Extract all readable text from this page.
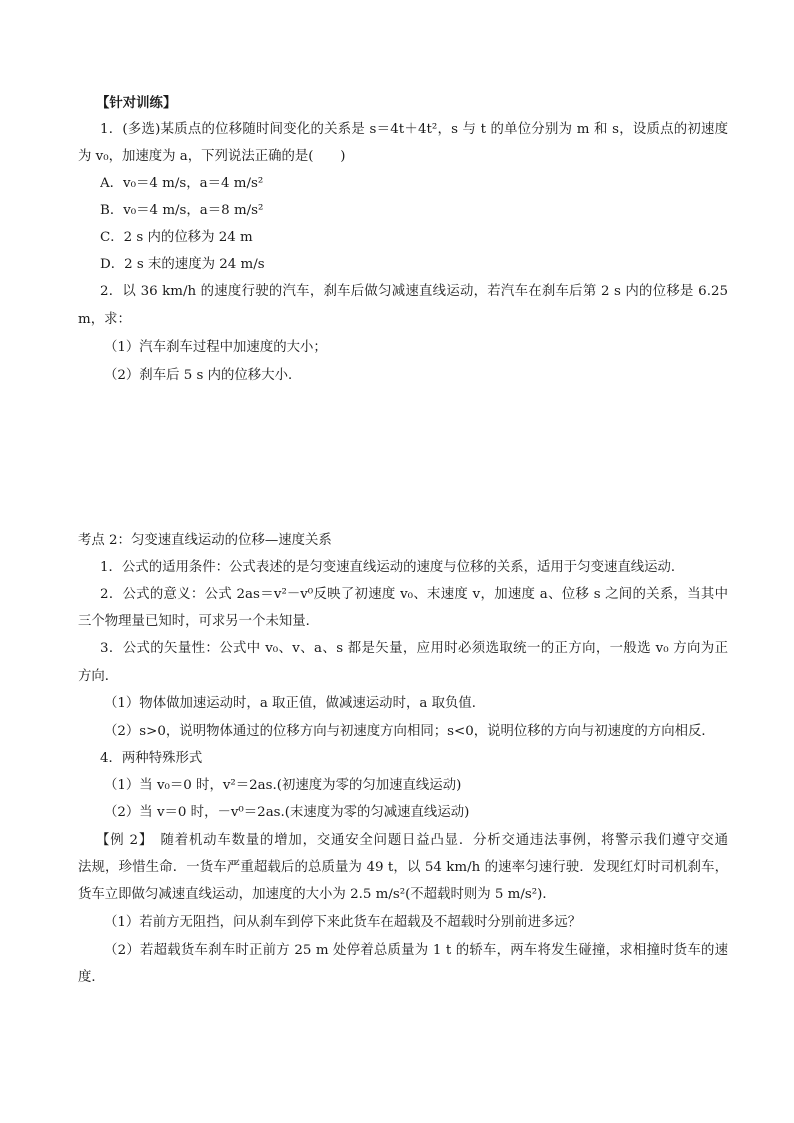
【针对训练】
1．(多选)某质点的位移随时间变化的关系是 s＝4t＋4t²，s 与 t 的单位分别为 m 和 s，设质点的初速度
为 v₀，加速度为 a，下列说法正确的是(　　)
A．v₀＝4 m/s，a＝4 m/s²
B．v₀＝4 m/s，a＝8 m/s²
C．2 s 内的位移为 24 m
D．2 s 末的速度为 24 m/s
2．以 36 km/h 的速度行驶的汽车，刹车后做匀减速直线运动，若汽车在刹车后第 2 s 内的位移是 6.25
m，求：
（1）汽车刹车过程中加速度的大小；
（2）刹车后 5 s 内的位移大小．
考点 2：匀变速直线运动的位移—速度关系
1．公式的适用条件：公式表述的是匀变速直线运动的速度与位移的关系，适用于匀变速直线运动．
2．公式的意义：公式 2as＝v²－v⁰反映了初速度 v₀、末速度 v，加速度 a、位移 s 之间的关系，当其中
三个物理量已知时，可求另一个未知量．
3．公式的矢量性：公式中 v₀、v、a、s 都是矢量，应用时必须选取统一的正方向，一般选 v₀ 方向为正
方向．
（1）物体做加速运动时，a 取正值，做减速运动时，a 取负值．
（2）s>0，说明物体通过的位移方向与初速度方向相同；s<0，说明位移的方向与初速度的方向相反．
4．两种特殊形式
（1）当 v₀＝0 时，v²＝2as.(初速度为零的匀加速直线运动)
（2）当 v＝0 时，－v⁰＝2as.(末速度为零的匀减速直线运动)
【例 2】　随着机动车数量的增加，交通安全问题日益凸显．分析交通违法事例，将警示我们遵守交通
法规，珍惜生命．一货车严重超载后的总质量为 49 t，以 54 km/h 的速率匀速行驶．发现红灯时司机刹车，
货车立即做匀减速直线运动，加速度的大小为 2.5 m/s²(不超载时则为 5 m/s²)．
（1）若前方无阻挡，问从刹车到停下来此货车在超载及不超载时分别前进多远？
（2）若超载货车刹车时正前方 25 m 处停着总质量为 1 t 的轿车，两车将发生碰撞，求相撞时货车的速
度．
